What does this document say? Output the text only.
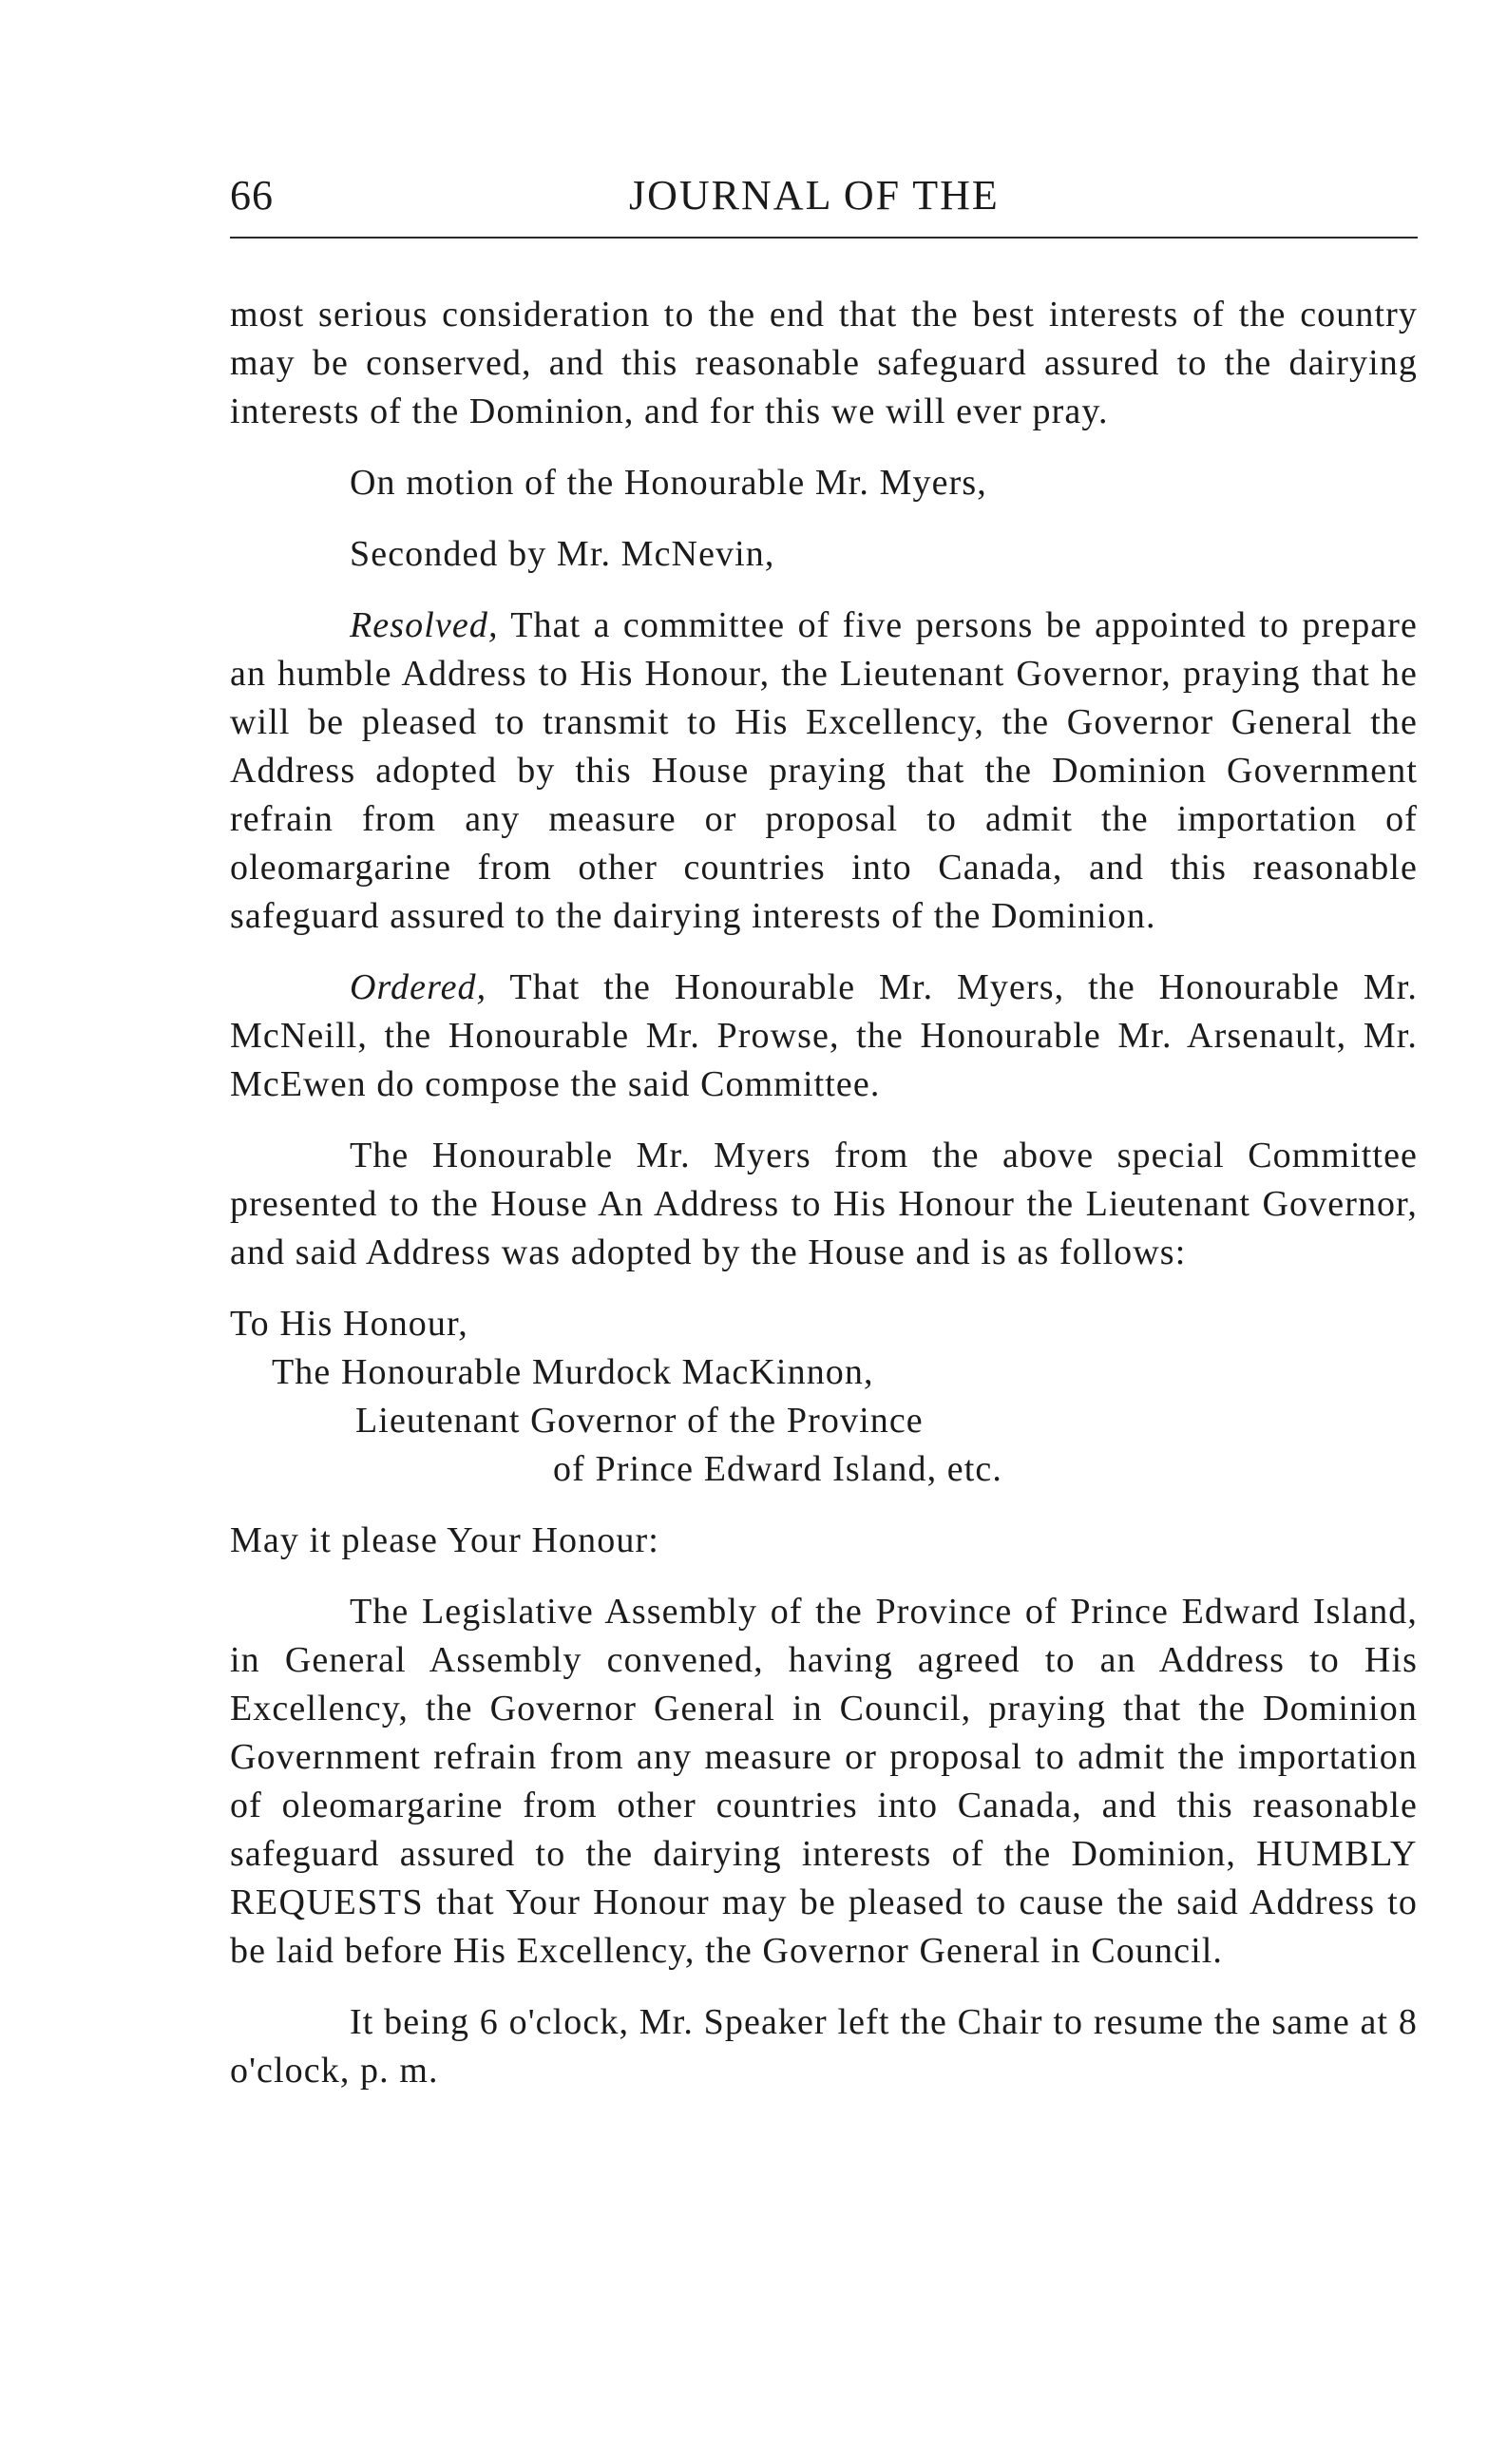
66	JOURNAL OF THE

most serious consideration to the end that the best interests of the country may be conserved, and this reasonable safeguard assured to the dairying interests of the Dominion, and for this we will ever pray.

On motion of the Honourable Mr. Myers,

Seconded by Mr. McNevin,

Resolved, That a committee of five persons be appointed to prepare an humble Address to His Honour, the Lieutenant Governor, praying that he will be pleased to transmit to His Excellency, the Governor General the Address adopted by this House praying that the Dominion Government refrain from any measure or proposal to admit the importation of oleomargarine from other countries into Canada, and this reasonable safeguard assured to the dairying interests of the Dominion.

Ordered, That the Honourable Mr. Myers, the Honourable Mr. McNeill, the Honourable Mr. Prowse, the Honourable Mr. Arsenault, Mr. McEwen do compose the said Committee.

The Honourable Mr. Myers from the above special Committee presented to the House An Address to His Honour the Lieutenant Governor, and said Address was adopted by the House and is as follows:

To His Honour,
The Honourable Murdock MacKinnon,
Lieutenant Governor of the Province
of Prince Edward Island, etc.

May it please Your Honour:

The Legislative Assembly of the Province of Prince Edward Island, in General Assembly convened, having agreed to an Address to His Excellency, the Governor General in Council, praying that the Dominion Government refrain from any measure or proposal to admit the importation of oleomargarine from other countries into Canada, and this reasonable safeguard assured to the dairying interests of the Dominion, HUMBLY REQUESTS that Your Honour may be pleased to cause the said Address to be laid before His Excellency, the Governor General in Council.

It being 6 o'clock, Mr. Speaker left the Chair to resume the same at 8 o'clock, p. m.
